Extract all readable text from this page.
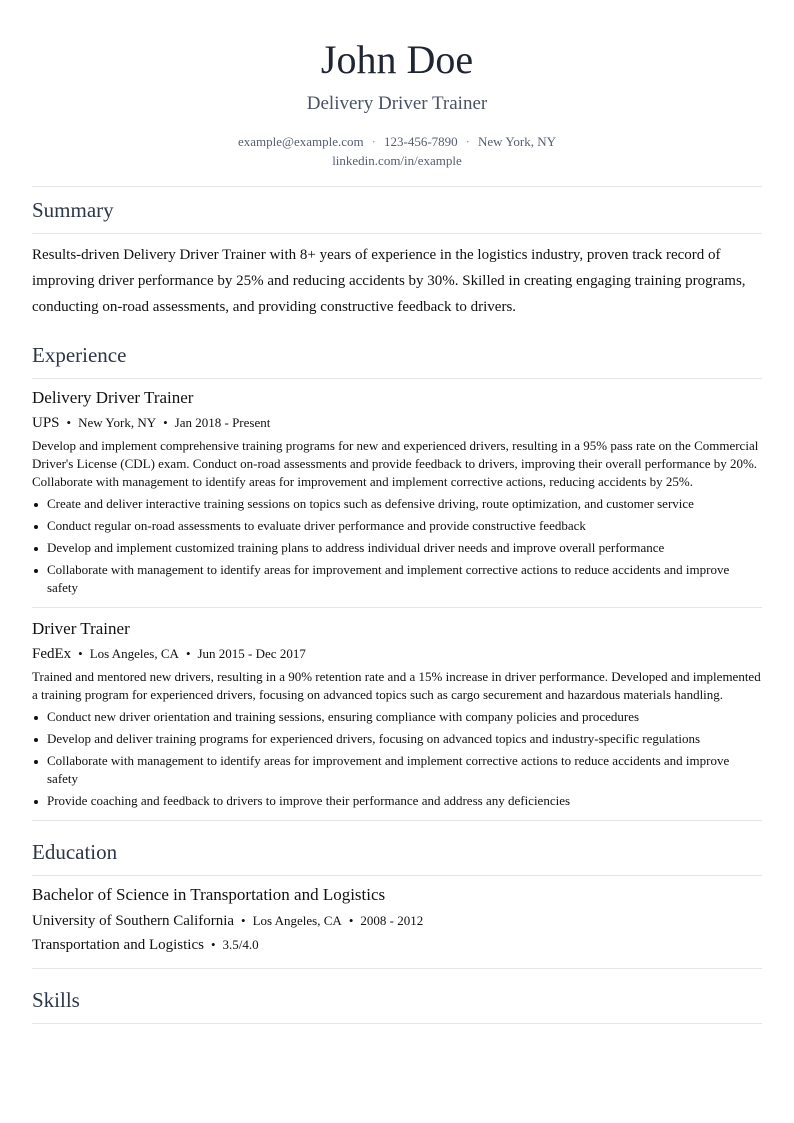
John Doe
Delivery Driver Trainer
example@example.com · 123-456-7890 · New York, NY
linkedin.com/in/example
Summary
Results-driven Delivery Driver Trainer with 8+ years of experience in the logistics industry, proven track record of improving driver performance by 25% and reducing accidents by 30%. Skilled in creating engaging training programs, conducting on-road assessments, and providing constructive feedback to drivers.
Experience
Delivery Driver Trainer
UPS • New York, NY • Jan 2018 - Present
Develop and implement comprehensive training programs for new and experienced drivers, resulting in a 95% pass rate on the Commercial Driver's License (CDL) exam. Conduct on-road assessments and provide feedback to drivers, improving their overall performance by 20%. Collaborate with management to identify areas for improvement and implement corrective actions, reducing accidents by 25%.
Create and deliver interactive training sessions on topics such as defensive driving, route optimization, and customer service
Conduct regular on-road assessments to evaluate driver performance and provide constructive feedback
Develop and implement customized training plans to address individual driver needs and improve overall performance
Collaborate with management to identify areas for improvement and implement corrective actions to reduce accidents and improve safety
Driver Trainer
FedEx • Los Angeles, CA • Jun 2015 - Dec 2017
Trained and mentored new drivers, resulting in a 90% retention rate and a 15% increase in driver performance. Developed and implemented a training program for experienced drivers, focusing on advanced topics such as cargo securement and hazardous materials handling.
Conduct new driver orientation and training sessions, ensuring compliance with company policies and procedures
Develop and deliver training programs for experienced drivers, focusing on advanced topics and industry-specific regulations
Collaborate with management to identify areas for improvement and implement corrective actions to reduce accidents and improve safety
Provide coaching and feedback to drivers to improve their performance and address any deficiencies
Education
Bachelor of Science in Transportation and Logistics
University of Southern California • Los Angeles, CA • 2008 - 2012
Transportation and Logistics • 3.5/4.0
Skills
